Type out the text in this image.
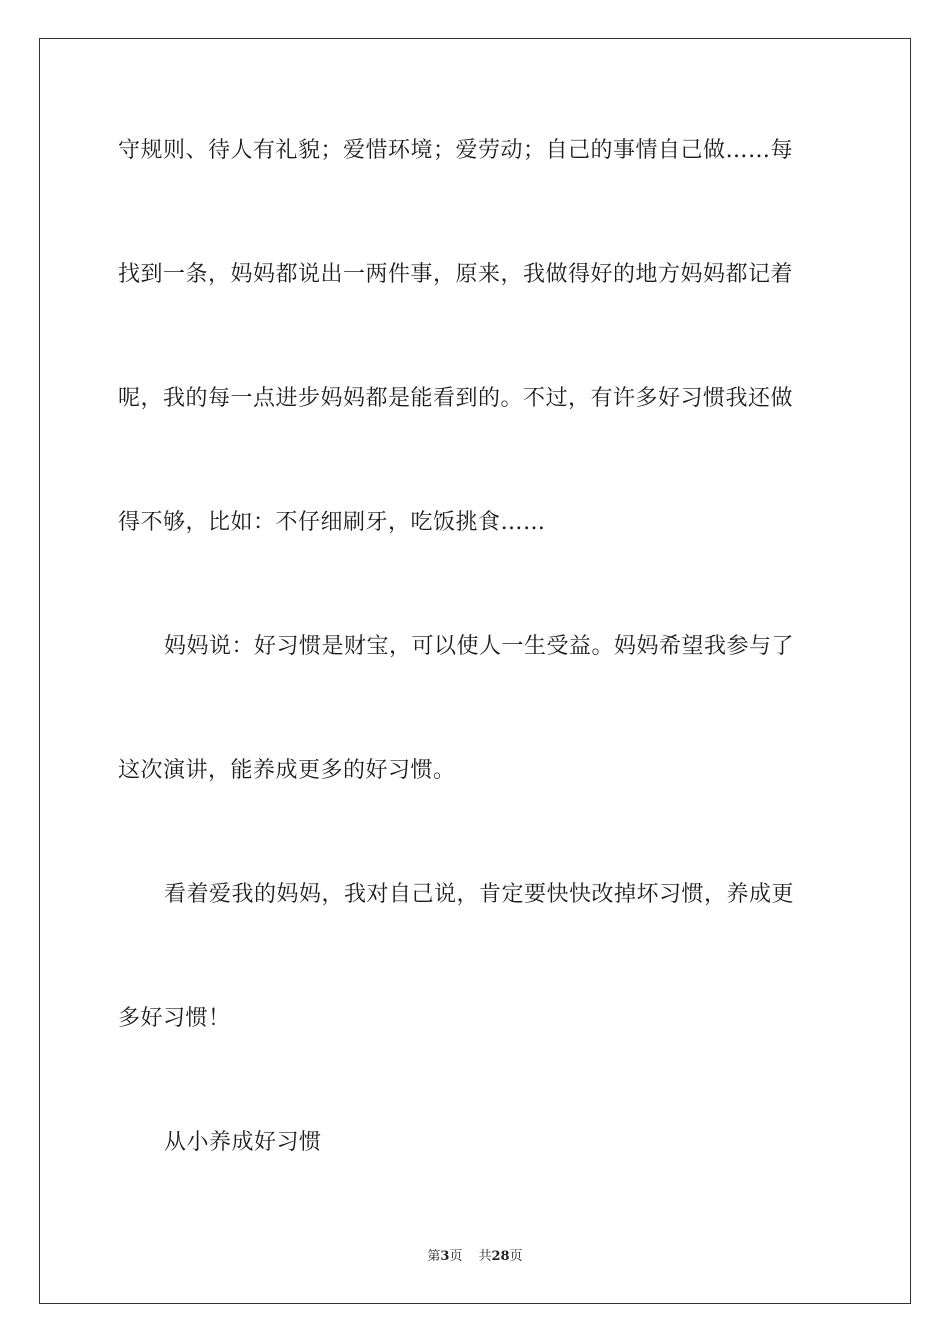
守规则、待人有礼貌；爱惜环境；爱劳动；自己的事情自己做……每
找到一条，妈妈都说出一两件事，原来，我做得好的地方妈妈都记着
呢，我的每一点进步妈妈都是能看到的。不过，有许多好习惯我还做
得不够，比如：不仔细刷牙，吃饭挑食……
妈妈说：好习惯是财宝，可以使人一生受益。妈妈希望我参与了
这次演讲，能养成更多的好习惯。
看着爱我的妈妈，我对自己说，肯定要快快改掉坏习惯，养成更
多好习惯！
从小养成好习惯
第3页 共28页
